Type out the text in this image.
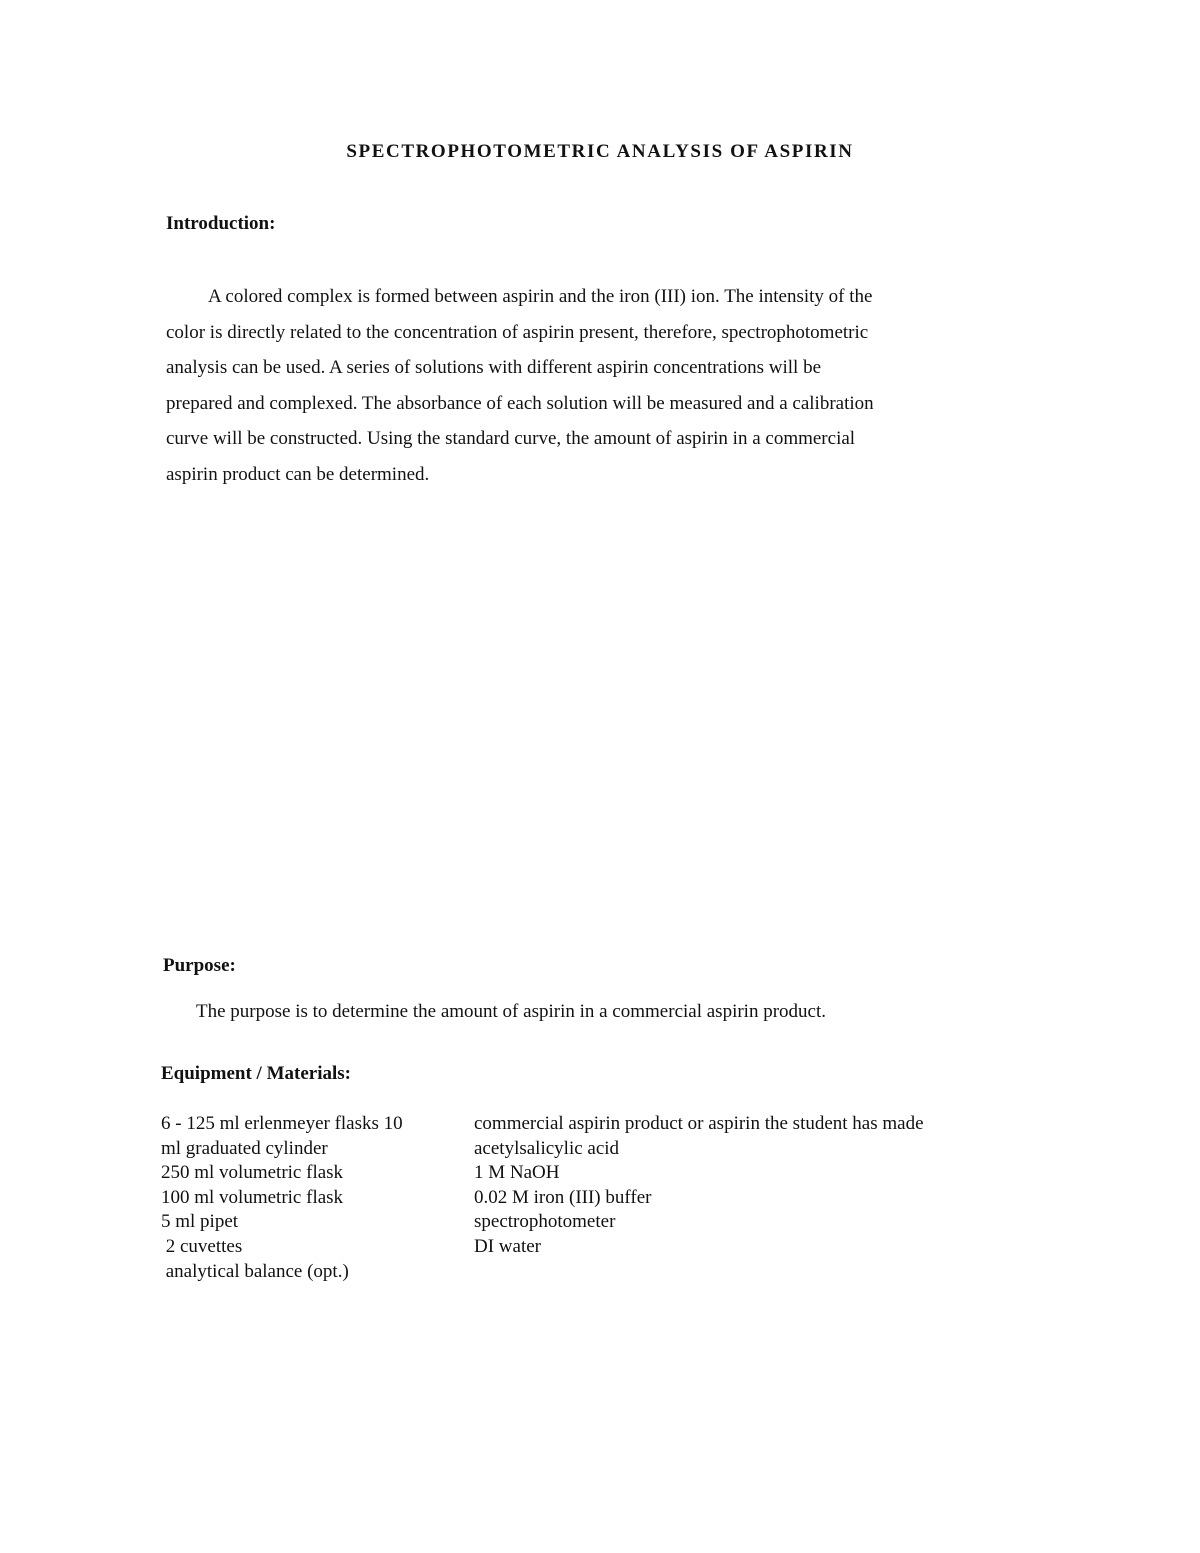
SPECTROPHOTOMETRIC ANALYSIS OF ASPIRIN
Introduction:

A colored complex is formed between aspirin and the iron (III) ion. The intensity of the
color is directly related to the concentration of aspirin present, therefore, spectrophotometric
analysis can be used. A series of solutions with different aspirin concentrations will be
prepared and complexed. The absorbance of each solution will be measured and a calibration
curve will be constructed. Using the standard curve, the amount of aspirin in a commercial
aspirin product can be determined.

Purpose:

The purpose is to determine the amount of aspirin in a commercial aspirin product.

Equipment / Materials:
6 - 125 ml erlenmeyer flasks 10
ml graduated cylinder
250 ml volumetric flask
100 ml volumetric flask
5 ml pipet
2 cuvettes
analytical balance (opt.)
commercial aspirin product or aspirin the student has made
acetylsalicylic acid
1 M NaOH
0.02 M iron (III) buffer
spectrophotometer
DI water
